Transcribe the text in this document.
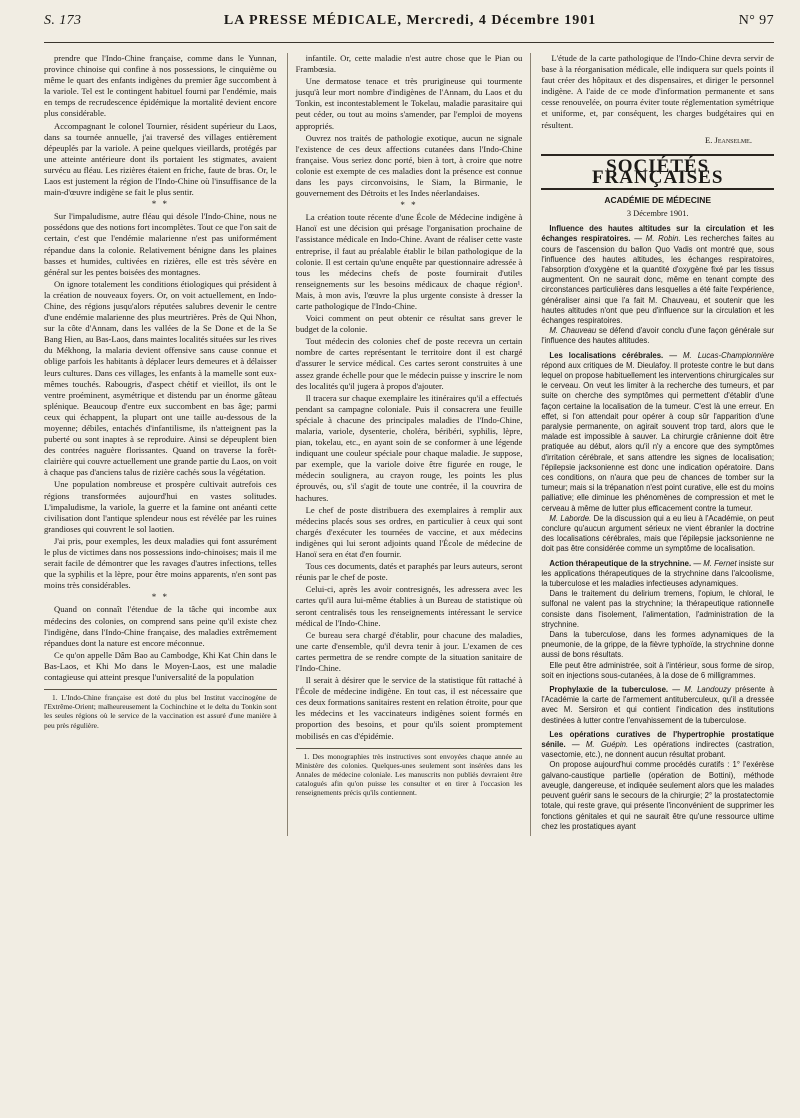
S. 173	LA PRESSE MÉDICALE, Mercredi, 4 Décembre 1901	N° 97

prendre que l'Indo-Chine française, comme dans le Yunnan, province chinoise qui confine à nos possessions, le cinquième ou même le quart des enfants indigènes du premier âge succombent à la variole. Tel est le contingent habituel fourni par l'endémie, mais en temps de recrudescence épidémique la mortalité devient encore plus considérable.

Accompagnant le colonel Tournier, résident supérieur du Laos, dans sa tournée annuelle, j'ai traversé des villages entièrement dépeuplés par la variole. A peine quelques vieillards, protégés par une atteinte antérieure dont ils portaient les stigmates, avaient survécu au fléau. Les rizières étaient en friche, faute de bras. Or, le Laos est justement la région de l'Indo-Chine où l'insuffisance de la main-d'œuvre indigène se fait le plus sentir.

* *

Sur l'impaludisme, autre fléau qui désole l'Indo-Chine, nous ne possédons que des notions fort incomplètes. Tout ce que l'on sait de certain, c'est que l'endémie malarienne n'est pas uniformément répandue dans la colonie. Relativement bénigne dans les plaines basses et humides, cultivées en rizières, elle est très sévère en général sur les pentes boisées des montagnes.

On ignore totalement les conditions étiologiques qui président à la création de nouveaux foyers. Or, on voit actuellement, en Indo-Chine, des régions jusqu'alors réputées salubres devenir le centre d'une endémie malarienne des plus meurtrières. Près de Qui Nhon, sur la côte d'Annam, dans les vallées de la Se Done et de la Se Bang Hien, au Bas-Laos, dans maintes localités situées sur les rives du Mékhong, la malaria devient offensive sans cause connue et oblige parfois les habitants à déplacer leurs demeures et à délaisser leurs cultures. Dans ces villages, les enfants à la mamelle sont eux-mêmes touchés. Rabougris, d'aspect chétif et vieillot, ils ont le ventre proéminent, asymétrique et distendu par un énorme gâteau splénique. Beaucoup d'entre eux succombent en bas âge; parmi ceux qui échappent, la plupart ont une taille au-dessous de la moyenne; débiles, entachés d'infantilisme, ils n'atteignent pas la puberté ou sont inaptes à se reproduire. Ainsi se dépeuplent bien des contrées naguère florissantes. Quand on traverse la forêt-clairière qui couvre actuellement une grande partie du Laos, on voit à chaque pas d'anciens talus de rizière cachés sous la végétation.

Une population nombreuse et prospère cultivait autrefois ces régions transformées aujourd'hui en vastes solitudes. L'impaludisme, la variole, la guerre et la famine ont anéanti cette civilisation dont l'antique splendeur nous est révélée par les ruines grandioses qui couvrent le sol laotien.

J'ai pris, pour exemples, les deux maladies qui font assurément le plus de victimes dans nos possessions indo-chinoises; mais il me serait facile de démontrer que les ravages d'autres infections, telles que la syphilis et la lèpre, pour être moins apparents, n'en sont pas moins très considérables.

* *

Quand on connaît l'étendue de la tâche qui incombe aux médecins des colonies, on comprend sans peine qu'il existe chez l'indigène, dans l'Indo-Chine française, des maladies extrêmement répandues dont la nature est encore méconnue.

Ce qu'on appelle Dâm Bao au Cambodge, Khi Kat Chin dans le Bas-Laos, et Khi Mo dans le Moyen-Laos, est une maladie contagieuse qui atteint presque l'universalité de la population

1. L'Indo-Chine française est doté du plus bel Institut vaccinogène de l'Extrême-Orient; malheureusement la Cochinchine et le delta du Tonkin sont les seules régions où le service de la vaccination est assuré d'une manière à peu près régulière.

infantile. Or, cette maladie n'est autre chose que le Pian ou Frambœsia.

Une dermatose tenace et très prurigineuse qui tourmente jusqu'à leur mort nombre d'indigènes de l'Annam, du Laos et du Tonkin, est incontestablement le Tokelau, maladie parasitaire qui peut céder, ou tout au moins s'amender, par l'emploi de moyens appropriés.

Ouvrez nos traités de pathologie exotique, aucun ne signale l'existence de ces deux affections cutanées dans l'Indo-Chine française. Vous seriez donc porté, bien à tort, à croire que notre colonie est exempte de ces maladies dont la présence est connue dans les pays circonvoisins, le Siam, la Birmanie, le gouvernement des Détroits et les Indes néerlandaises.

* *

La création toute récente d'une École de Médecine indigène à Hanoï est une décision qui présage l'organisation prochaine de l'assistance médicale en Indo-Chine. Avant de réaliser cette vaste entreprise, il faut au préalable établir le bilan pathologique de la colonie. Il est certain qu'une enquête par questionnaire adressée à tous les médecins chefs de poste fournirait d'utiles renseignements sur les besoins médicaux de chaque région¹. Mais, à mon avis, l'œuvre la plus urgente consiste à dresser la carte pathologique de l'Indo-Chine.

Voici comment on peut obtenir ce résultat sans grever le budget de la colonie.

Tout médecin des colonies chef de poste recevra un certain nombre de cartes représentant le territoire dont il est chargé d'assurer le service médical. Ces cartes seront construites à une assez grande échelle pour que le médecin puisse y inscrire le nom des localités qu'il jugera à propos d'ajouter.

Il tracera sur chaque exemplaire les itinéraires qu'il a effectués pendant sa campagne coloniale. Puis il consacrera une feuille spéciale à chacune des principales maladies de l'Indo-Chine, malaria, variole, dysenterie, choléra, béribéri, syphilis, lèpre, pian, tokelau, etc., en ayant soin de se conformer à une légende indiquant une couleur spéciale pour chaque maladie. Je suppose, par exemple, que la variole doive être figurée en rouge, le médecin soulignera, au crayon rouge, les points les plus éprouvés, ou, s'il s'agit de toute une contrée, il la couvrira de hachures.

Le chef de poste distribuera des exemplaires à remplir aux médecins placés sous ses ordres, en particulier à ceux qui sont chargés d'exécuter les tournées de vaccine, et aux médecins indigènes qui lui seront adjoints quand l'École de médecine de Hanoï sera en état d'en fournir.

Tous ces documents, datés et paraphés par leurs auteurs, seront réunis par le chef de poste.

Celui-ci, après les avoir contresignés, les adressera avec les cartes qu'il aura lui-même établies à un Bureau de statistique où seront centralisés tous les renseignements intéressant le service médical de l'Indo-Chine.

Ce bureau sera chargé d'établir, pour chacune des maladies, une carte d'ensemble, qu'il devra tenir à jour. L'examen de ces cartes permettra de se rendre compte de la situation sanitaire de l'Indo-Chine.

Il serait à désirer que le service de la statistique fût rattaché à l'École de médecine indigène. En tout cas, il est nécessaire que ces deux formations sanitaires restent en relation étroite, pour que les médecins et les vaccinateurs indigènes soient formés en proportion des besoins, et pour qu'ils soient promptement mobilisés en cas d'épidémie.

1. Des monographies très instructives sont envoyées chaque année au Ministère des colonies. Quelques-unes seulement sont insérées dans les Annales de médecine coloniale. Les manuscrits non publiés devraient être catalogués afin qu'on puisse les consulter et en tirer à l'occasion les renseignements précis qu'ils contiennent.

L'étude de la carte pathologique de l'Indo-Chine devra servir de base à la réorganisation médicale, elle indiquera sur quels points il faut créer des hôpitaux et des dispensaires, et diriger le personnel indigène. A l'aide de ce mode d'information permanente et sans cesse renouvelée, on pourra éviter toute réglementation symétrique et uniforme, et, par conséquent, les charges budgétaires qui en résultent.

E. Jeanselme.
SOCIÉTÉS FRANÇAISES
ACADÉMIE DE MÉDECINE
3 Décembre 1901.

Influence des hautes altitudes sur la circulation et les échanges respiratoires. — M. Robin. Les recherches faites au cours de l'ascension du ballon Quo Vadis ont montré que, sous l'influence des hautes altitudes, les échanges respiratoires, l'absorption d'oxygène et la quantité d'oxygène fixé par les tissus augmentent. On ne saurait donc, même en tenant compte des circonstances particulières dans lesquelles a été faite l'expérience, généraliser ainsi que l'a fait M. Chauveau, et soutenir que les hautes altitudes n'ont que peu d'influence sur la circulation et les échanges respiratoires.

M. Chauveau se défend d'avoir conclu d'une façon générale sur l'influence des hautes altitudes.

Les localisations cérébrales. — M. Lucas-Championnière répond aux critiques de M. Dieulafoy. Il proteste contre le but dans lequel on propose habituellement les interventions chirurgicales sur le cerveau. On veut les limiter à la recherche des tumeurs, et par suite on cherche des symptômes qui permettent d'établir d'une façon certaine la localisation de la tumeur. C'est là une erreur. En effet, si l'on attendait pour opérer à coup sûr l'apparition d'une paralysie permanente, on agirait souvent trop tard, alors que le malade est impossible à sauver. La chirurgie crânienne doit être pratiquée au début, alors qu'il n'y a encore que des symptômes d'irritation cérébrale, et sans attendre les signes de localisation; l'épilepsie jacksonienne est donc une indication opératoire. Dans ces conditions, on n'aura que peu de chances de tomber sur la tumeur; mais si la trépanation n'est point curative, elle est du moins palliative; elle diminue les phénomènes de compression et met le cerveau à même de lutter plus efficacement contre la tumeur.

M. Laborde. De la discussion qui a eu lieu à l'Académie, on peut conclure qu'aucun argument sérieux ne vient ébranler la doctrine des localisations cérébrales, mais que l'épilepsie jacksonienne ne doit pas être considérée comme un symptôme de localisation.

Action thérapeutique de la strychnine. — M. Fernet insiste sur les applications thérapeutiques de la strychnine dans l'alcoolisme, la tuberculose et les maladies infectieuses adynamiques.

Dans le traitement du delirium tremens, l'opium, le chloral, le sulfonal ne valent pas la strychnine; la thérapeutique rationnelle consiste dans l'isolement, l'alimentation, l'administration de la strychnine.

Dans la tuberculose, dans les formes adynamiques de la pneumonie, de la grippe, de la fièvre typhoïde, la strychnine donne aussi de bons résultats.

Elle peut être administrée, soit à l'intérieur, sous forme de sirop, soit en injections sous-cutanées, à la dose de 6 milligrammes.

Prophylaxie de la tuberculose. — M. Landouzy présente à l'Académie la carte de l'armement antituberculeux, qu'il a dressée avec M. Sersiron et qui contient l'indication des institutions destinées à lutter contre l'envahissement de la tuberculose.

Les opérations curatives de l'hypertrophie prostatique sénile. — M. Guépin. Les opérations indirectes (castration, vasectomie, etc.), ne donnent aucun résultat probant.

On propose aujourd'hui comme procédés curatifs : 1° l'exérèse galvano-caustique partielle (opération de Bottini), méthode aveugle, dangereuse, et indiquée seulement alors que les malades peuvent guérir sans le secours de la chirurgie; 2° la prostatectomie totale, qui reste grave, qui présente l'inconvénient de supprimer les fonctions génitales et qui ne saurait être qu'une ressource ultime chez les prostatiques ayant
